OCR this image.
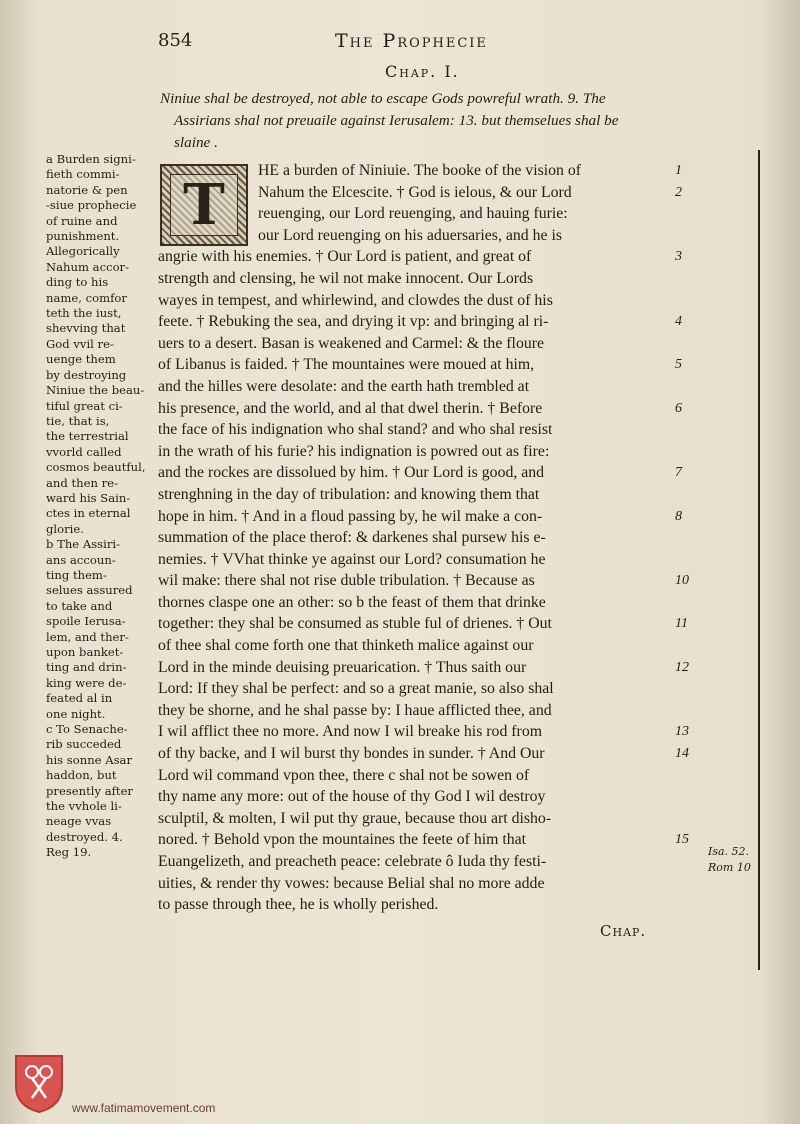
854	The Prophecie
Chap. I.
Niniue shal be destroyed, not able to escape Gods powreful wrath. 9. The
Assirians shal not preuaile against Ierusalem: 13. but themselues shal be
slaine .
a Burden signi-
fieth commi-
natorie & pen
-siue prophecie
of ruine and
punishment.
Allegorically
Nahum accor-
ding to his
name, comfor
teth the iust,
shevving that
God vvil re-
uenge them
by destroying
Niniue the beau-
tiful great ci-
tie, that is,
the terrestrial
vvorld called
cosmos beautful,
and then re-
ward his Sain-
ctes in eternal
glorie.
b The Assiri-
ans accoun-
ting them-
selues assured
to take and
spoile Ierusa-
lem, and ther-
upon banket-
ting and drin-
king were de-
feated al in
one night.
c To Senache-
rib succeded
his sonne Asar
haddon, but
presently after
the vvhole li-
neage vvas
destroyed. 4.
Reg 19.
T
HE a burden of Niniuie. The booke of the vision of
Nahum the Elcescite. † God is ielous, & our Lord
reuenging, our Lord reuenging, and hauing furie:
our Lord reuenging on his aduersaries, and he is
angrie with his enemies. † Our Lord is patient, and great of
strength and clensing, he wil not make innocent. Our Lords
wayes in tempest, and whirlewind, and clowdes the dust of his
feete. † Rebuking the sea, and drying it vp: and bringing al ri-
uers to a desert. Basan is weakened and Carmel: & the floure
of Libanus is faided. † The mountaines were moued at him,
and the hilles were desolate: and the earth hath trembled at
his presence, and the world, and al that dwel therin. † Before
the face of his indignation who shal stand? and who shal resist
in the wrath of his furie? his indignation is powred out as fire:
and the rockes are dissolued by him. † Our Lord is good, and
strenghning in the day of tribulation: and knowing them that
hope in him. † And in a floud passing by, he wil make a con-
summation of the place therof: & darkenes shal pursew his e-
nemies. † VVhat thinke ye against our Lord? consumation he
wil make: there shal not rise duble tribulation. † Because as
thornes claspe one an other: so b the feast of them that drinke
together: they shal be consumed as stuble ful of drienes. † Out
of thee shal come forth one that thinketh malice against our
Lord in the minde deuising preuarication. † Thus saith our
Lord: If they shal be perfect: and so a great manie, so also shal
they be shorne, and he shal passe by: I haue afflicted thee, and
I wil afflict thee no more. And now I wil breake his rod from
of thy backe, and I wil burst thy bondes in sunder. † And Our
Lord wil command vpon thee, there c shal not be sowen of
thy name any more: out of the house of thy God I wil destroy
sculptil, & molten, I wil put thy graue, because thou art disho-
nored. † Behold vpon the mountaines the feete of him that
Euangelizeth, and preacheth peace: celebrate ô Iuda thy festi-
uities, & render thy vowes: because Belial shal no more adde
to passe through thee, he is wholly perished.
1
2
3
4
5
6
7
8
10
11
12
13
14
15
Isa. 52.
Rom 10
Chap.
www.fatimamovement.com
